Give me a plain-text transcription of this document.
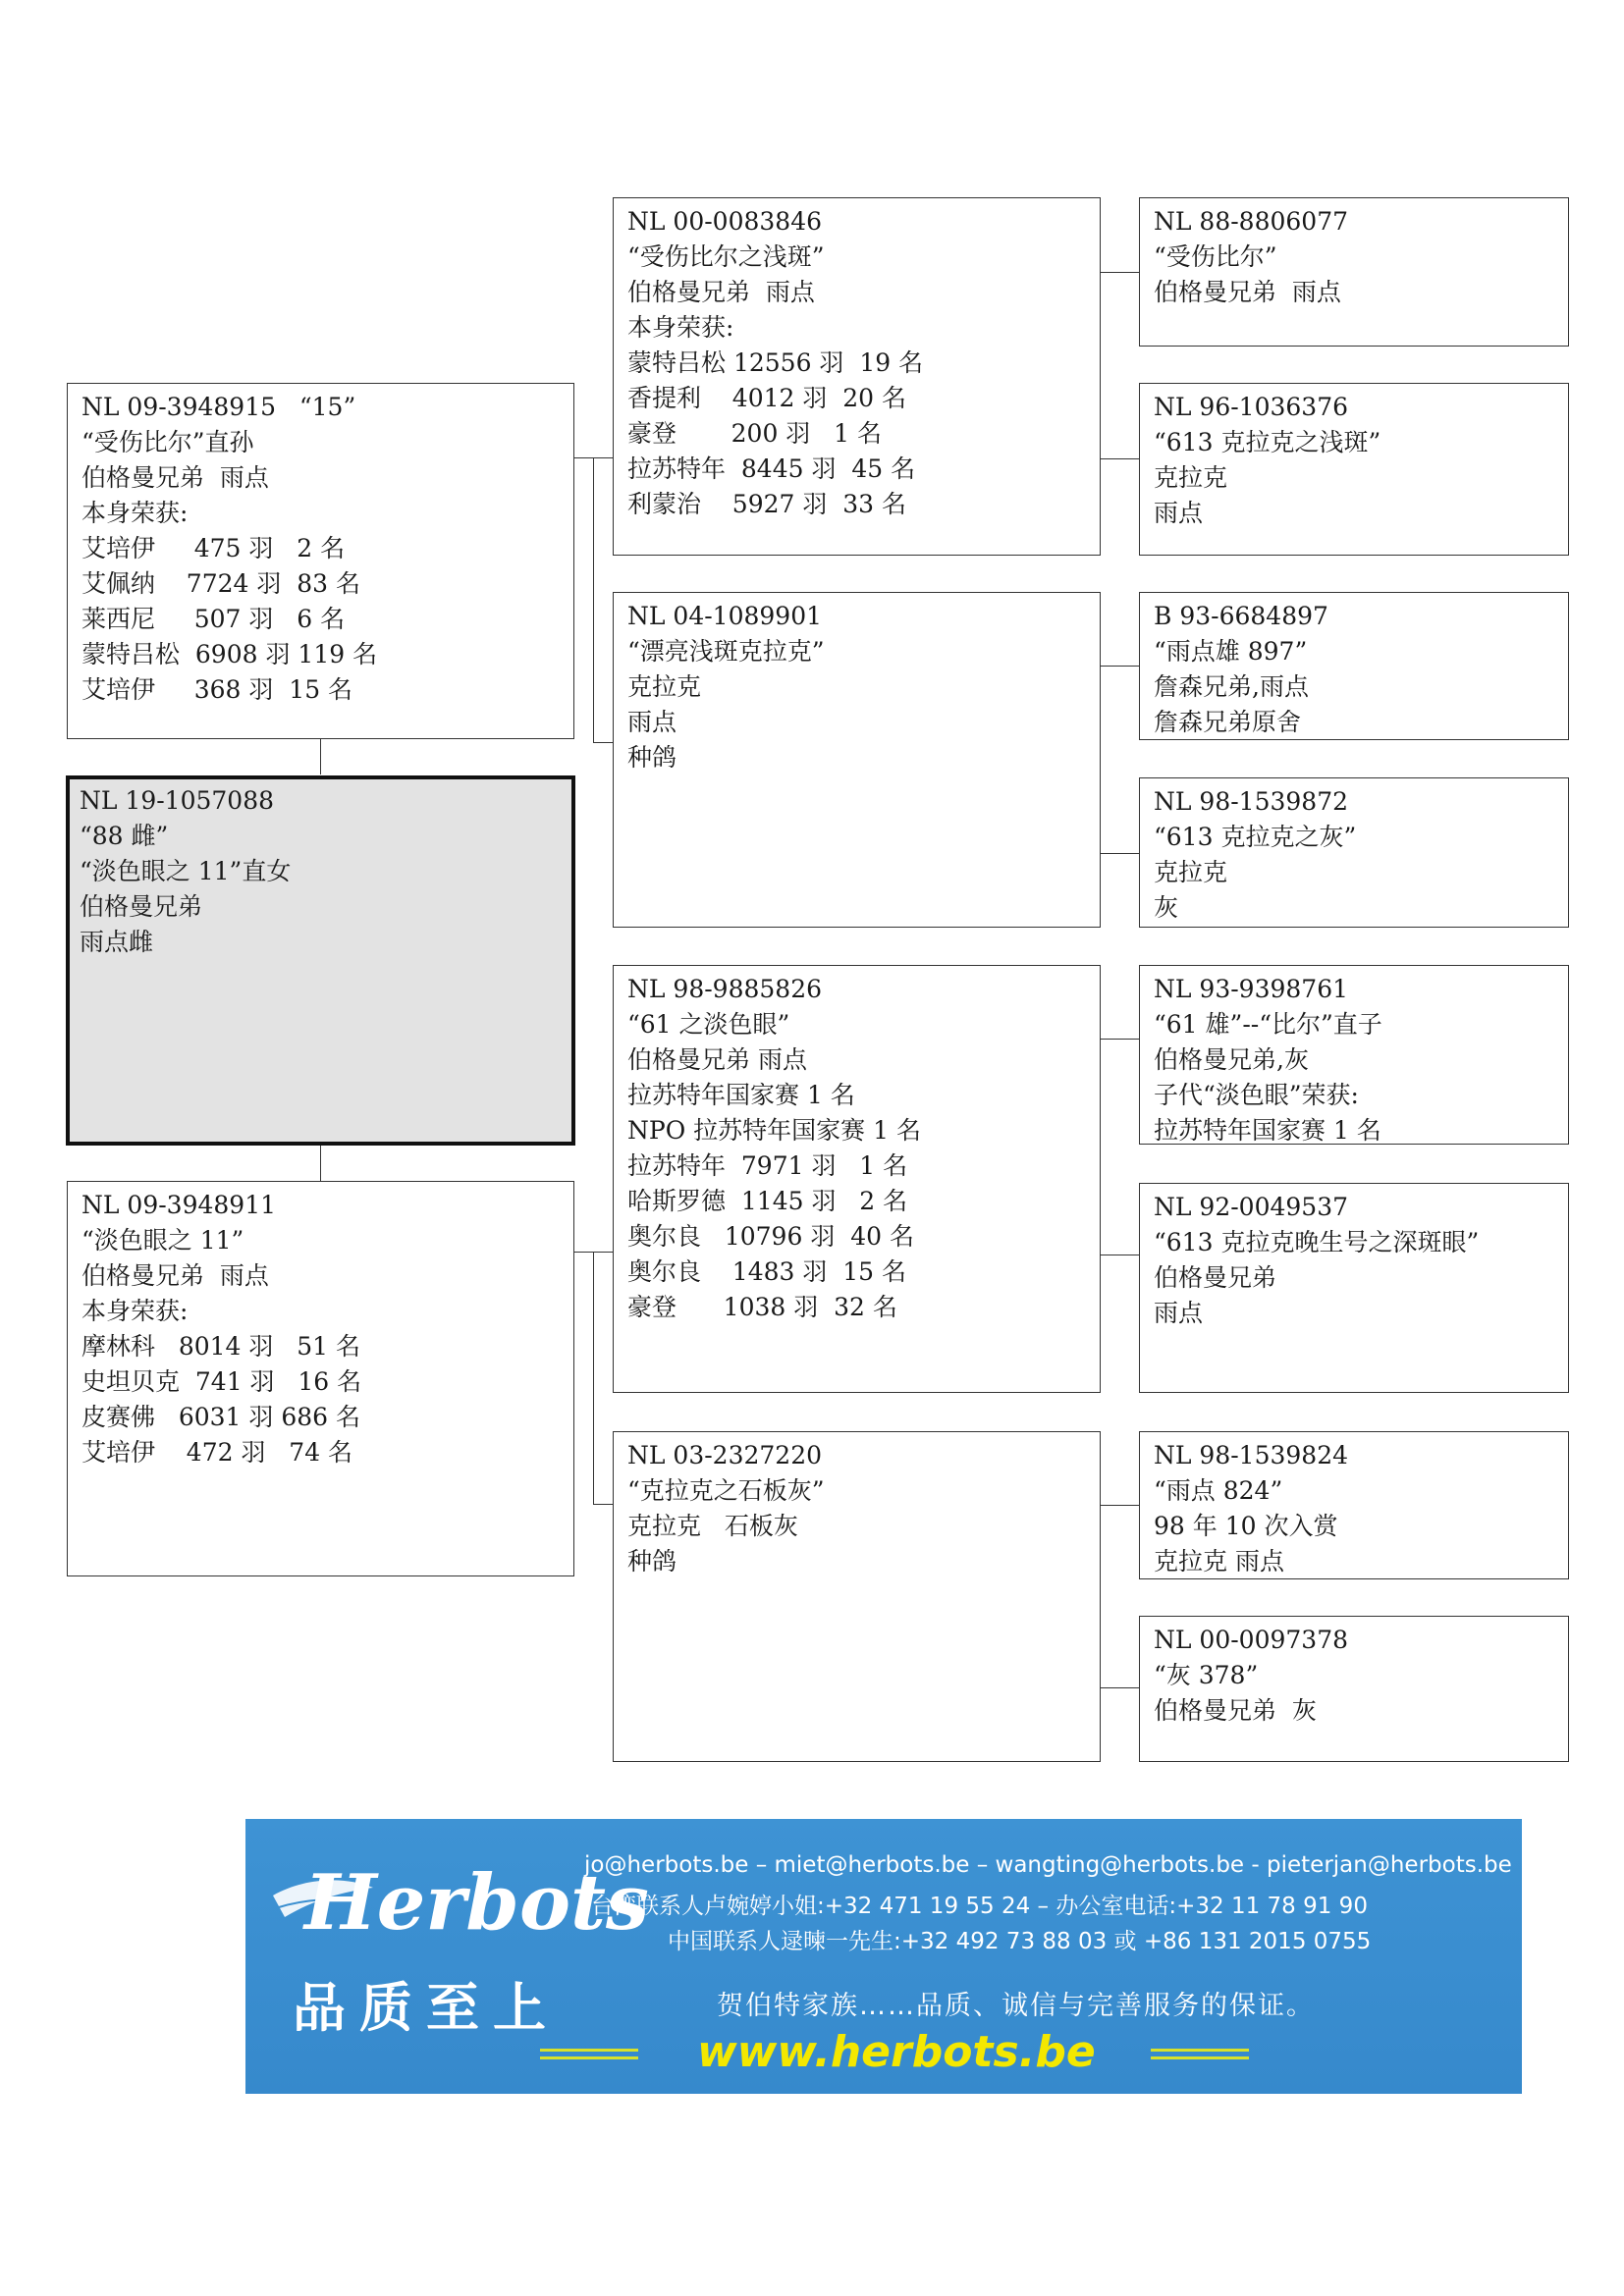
NL 09-3948915   “15”
“受伤比尔”直孙
伯格曼兄弟  雨点
本身荣获:
艾培伊     475 羽   2 名
艾佩纳    7724 羽  83 名
莱西尼     507 羽   6 名
蒙特吕松  6908 羽 119 名
艾培伊     368 羽  15 名
NL 19-1057088
“88 雌”
“淡色眼之 11”直女
伯格曼兄弟
雨点雌
NL 09-3948911
“淡色眼之 11”
伯格曼兄弟  雨点
本身荣获:
摩林科   8014 羽   51 名
史坦贝克  741 羽   16 名
皮赛佛   6031 羽 686 名
艾培伊    472 羽   74 名
NL 00-0083846
“受伤比尔之浅斑”
伯格曼兄弟  雨点
本身荣获:
蒙特吕松 12556 羽  19 名
香提利    4012 羽  20 名
豪登       200 羽   1 名
拉苏特年  8445 羽  45 名
利蒙治    5927 羽  33 名
NL 04-1089901
“漂亮浅斑克拉克”
克拉克
雨点
种鸽
NL 98-9885826
“61 之淡色眼”
伯格曼兄弟 雨点
拉苏特年国家赛 1 名
NPO 拉苏特年国家赛 1 名
拉苏特年  7971 羽   1 名
哈斯罗德  1145 羽   2 名
奥尔良   10796 羽  40 名
奥尔良    1483 羽  15 名
豪登      1038 羽  32 名
NL 03-2327220
“克拉克之石板灰”
克拉克   石板灰
种鸽
NL 88-8806077
“受伤比尔”
伯格曼兄弟  雨点
NL 96-1036376
“613 克拉克之浅斑”
克拉克
雨点
B 93-6684897
“雨点雄 897”
詹森兄弟,雨点
詹森兄弟原舍
NL 98-1539872
“613 克拉克之灰”
克拉克
灰
NL 93-9398761
“61 雄”--“比尔”直子
伯格曼兄弟,灰
子代“淡色眼”荣获:
拉苏特年国家赛 1 名
NL 92-0049537
“613 克拉克晚生号之深斑眼”
伯格曼兄弟
雨点
NL 98-1539824
“雨点 824”
98 年 10 次入赏
克拉克 雨点
NL 00-0097378
“灰 378”
伯格曼兄弟  灰
Herbots
品质至上
jo@herbots.be – miet@herbots.be – wangting@herbots.be - pieterjan@herbots.be
台湾联系人卢婉婷小姐:+32 471 19 55 24 – 办公室电话:+32 11 78 91 90
中国联系人逯暕一先生:+32 492 73 88 03 或 +86 131 2015 0755
贺伯特家族……品质、诚信与完善服务的保证。
www.herbots.be
